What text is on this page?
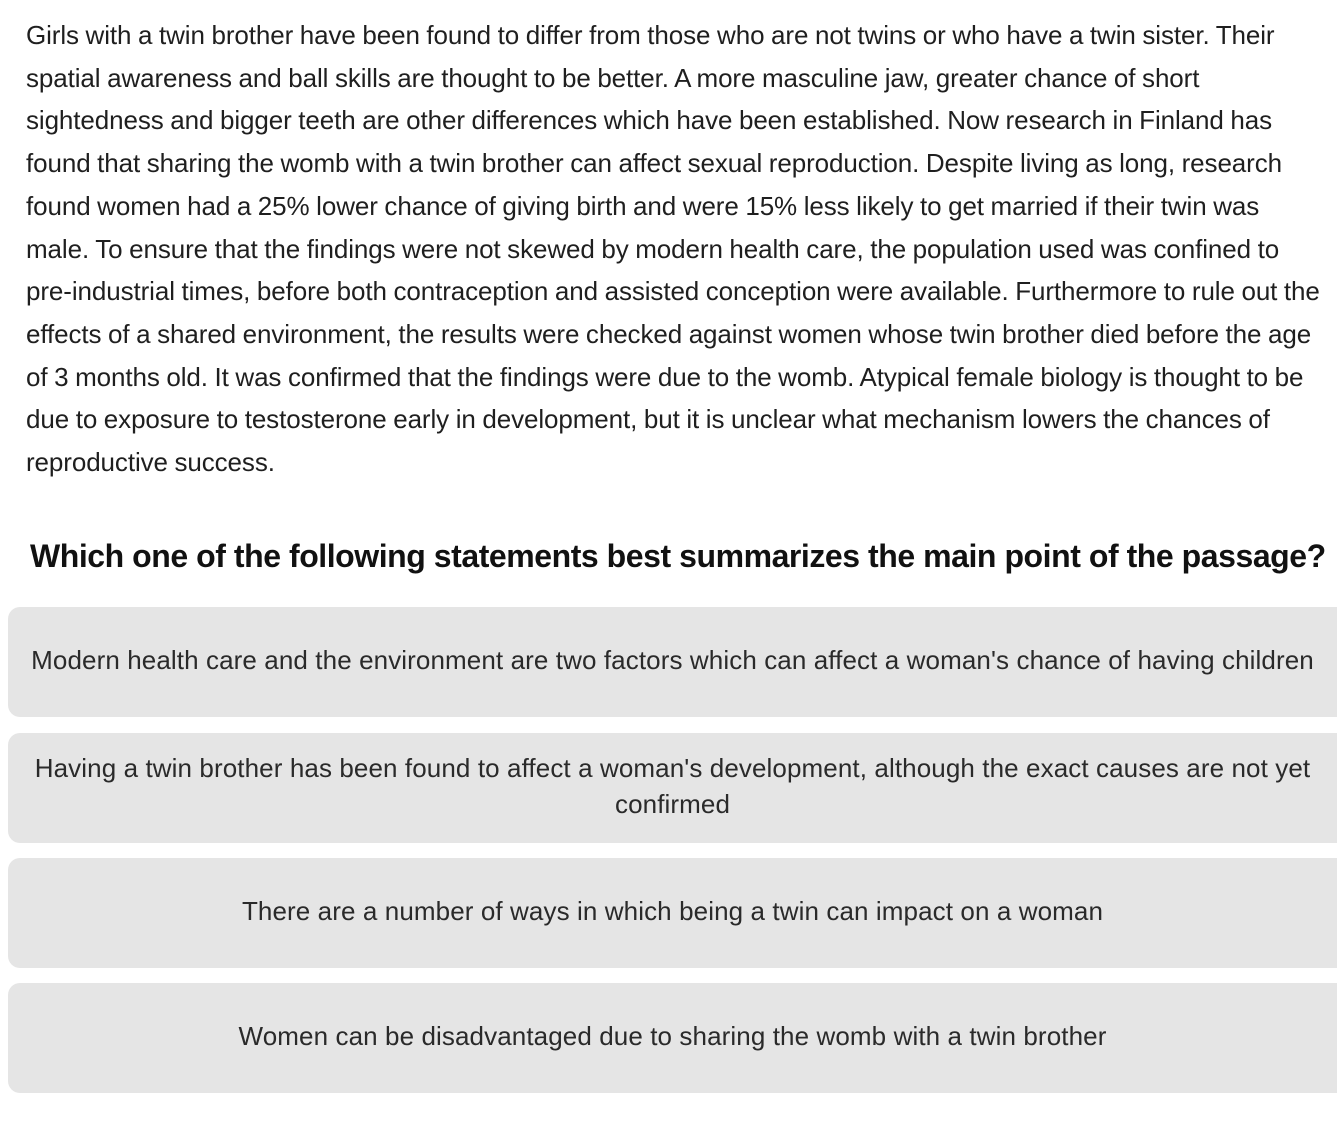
Girls with a twin brother have been found to differ from those who are not twins or who have a twin sister. Their spatial awareness and ball skills are thought to be better. A more masculine jaw, greater chance of short sightedness and bigger teeth are other differences which have been established. Now research in Finland has found that sharing the womb with a twin brother can affect sexual reproduction. Despite living as long, research found women had a 25% lower chance of giving birth and were 15% less likely to get married if their twin was male. To ensure that the findings were not skewed by modern health care, the population used was confined to pre-industrial times, before both contraception and assisted conception were available. Furthermore to rule out the effects of a shared environment, the results were checked against women whose twin brother died before the age of 3 months old. It was confirmed that the findings were due to the womb. Atypical female biology is thought to be due to exposure to testosterone early in development, but it is unclear what mechanism lowers the chances of reproductive success.

Which one of the following statements best summarizes the main point of the passage?

Modern health care and the environment are two factors which can affect a woman's chance of having children
Having a twin brother has been found to affect a woman's development, although the exact causes are not yet confirmed
There are a number of ways in which being a twin can impact on a woman
Women can be disadvantaged due to sharing the womb with a twin brother
